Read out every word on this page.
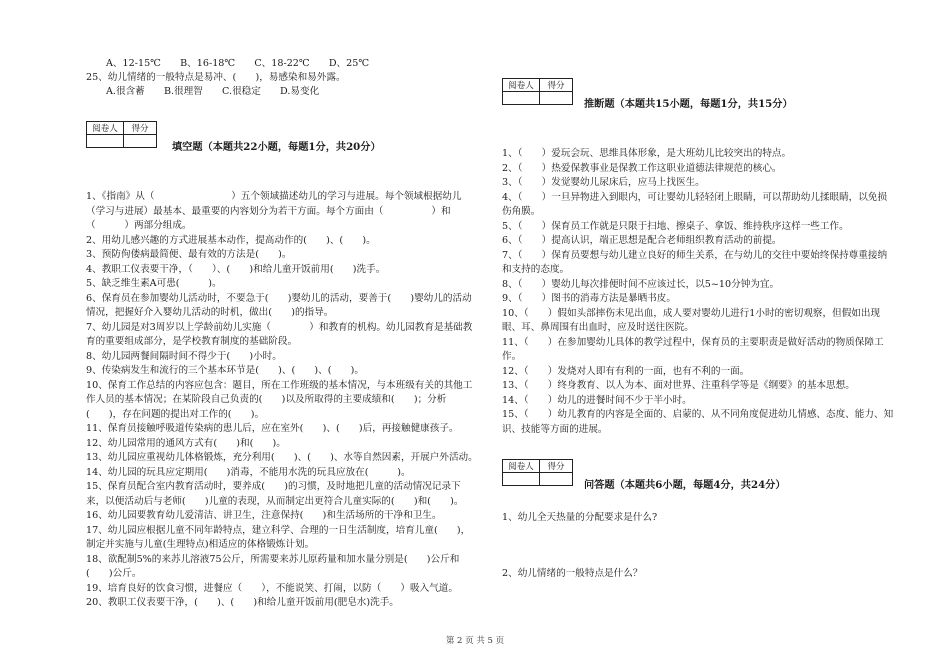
A、12-15℃　　B、16-18℃　　C、18-22℃　　D、25℃
25、幼儿情绪的一般特点是易冲、(　　)，易感染和易外露。
A.很含蓄　　B.很理智　　C.很稳定　　D.易变化
阅卷人	得分

填空题（本题共22小题，每题1分，共20分）
1、《指南》从（　　　　　　　　）五个领域描述幼儿的学习与进展。每个领域根据幼儿（学习与进展）最基本、最重要的内容划分为若干方面。每个方面由（　　　　　）和（　　　）两部分组成。
2、用幼儿感兴趣的方式进展基本动作，提高动作的(　　)、(　　)。
3、预防佝偻病最简便、最有效的方法是(　　)。
4、教职工仪表要干净，（　　）、(　　)和给儿童开饭前用(　　)洗手。
5、缺乏维生素A可患(　　　)。
6、保育员在参加婴幼儿活动时，不要急于(　　)婴幼儿的活动，要善于(　　)婴幼儿的活动情况，把握好介入婴幼儿活动的时机，做出(　　)的指导。
7、幼儿园是对3周岁以上学龄前幼儿实施（　　　　）和教育的机构。幼儿园教育是基础教育的重要组成部分，是学校教育制度的基础阶段。
8、幼儿园两餐间隔时间不得少于(　　)小时。
9、传染病发生和流行的三个基本环节是(　　)、(　　)、(　　)。
10、保育工作总结的内容应包含：题目，所在工作班级的基本情况，与本班级有关的其他工作人员的基本情况；在某阶段自己负责的(　　)以及所取得的主要成绩和(　　)；分析(　　)，存在问题的提出对工作的(　　)。
11、保育员接触呼吸道传染病的患儿后，应在室外(　　)、(　　)后，再接触健康孩子。
12、幼儿园常用的通风方式有(　　)和(　　)。
13、幼儿园应重视幼儿体格锻炼，充分利用(　　)、(　　)、水等自然因素，开展户外活动。
14、幼儿园的玩具应定期用(　　)消毒，不能用水洗的玩具应放在(　　　)。
15、保育员配合室内教育活动时，要养成(　　)的习惯，及时地把儿童的活动情况记录下来，以便活动后与老师(　　)儿童的表现，从而制定出更符合儿童实际的(　　)和(　　)。
16、幼儿园要教育幼儿爱清洁、讲卫生，注意保持(　　)和生活场所的干净和卫生。
17、幼儿园应根据儿童不同年龄特点，建立科学、合理的一日生活制度，培育儿童(　　)，制定并实施与儿童(生理特点)相适应的体格锻炼计划。
18、欲配制5%的来苏儿溶液75公斤，所需要来苏儿原药量和加水量分别是(　　)公斤和(　　)公斤。
19、培育良好的饮食习惯，进餐应（　　），不能说笑、打闹，以防（　　）吸入气道。
20、教职工仪表要干净，(　　)、(　　)和给儿童开饭前用(肥皂水)洗手。
阅卷人	得分

推断题（本题共15小题，每题1分，共15分）
1、（　　）爱玩会玩、思维具体形象，是大班幼儿比较突出的特点。
2、（　　）热爱保教事业是保教工作这职业道德法律规范的核心。
3、（　　）发觉婴幼儿尿床后，应马上找医生。
4、（　　）一旦异物进入到眼内，可让婴幼儿轻轻闭上眼睛，可以帮助幼儿揉眼睛，以免损伤角膜。
5、（　　）保育员工作就是只限于扫地、擦桌子、拿饭、维持秩序这样一些工作。
6、（　　）提高认识，端正思想是配合老师组织教育活动的前提。
7、（　　）保育员要想与幼儿建立良好的师生关系，在与幼儿的交往中要始终保持尊重接纳和支持的态度。
8、（　　）婴幼儿每次排便时间不应该过长，以5~10分钟为宜。
9、（　　）图书的消毒方法是暴晒书皮。
10、（　　）假如头部摔伤未见出血，成人要对婴幼儿进行1小时的密切观察，但假如出现眼、耳、鼻周围有出血时，应及时送往医院。
11、（　　）在参加婴幼儿具体的教学过程中，保育员的主要职责是做好活动的物质保障工作。
12、（　　）发烧对人即有有利的一面，也有不利的一面。
13、（　　）终身教育、以人为本、面对世界、注重科学等是《纲要》的基本思想。
14、（　　）幼儿的进餐时间不少于半小时。
15、（　　）幼儿教育的内容是全面的、启蒙的、从不同角度促进幼儿情感、态度、能力、知识、技能等方面的进展。
阅卷人	得分

问答题（本题共6小题，每题4分，共24分）
1、幼儿全天热量的分配要求是什么?
2、幼儿情绪的一般特点是什么？
第 2 页 共 5 页
